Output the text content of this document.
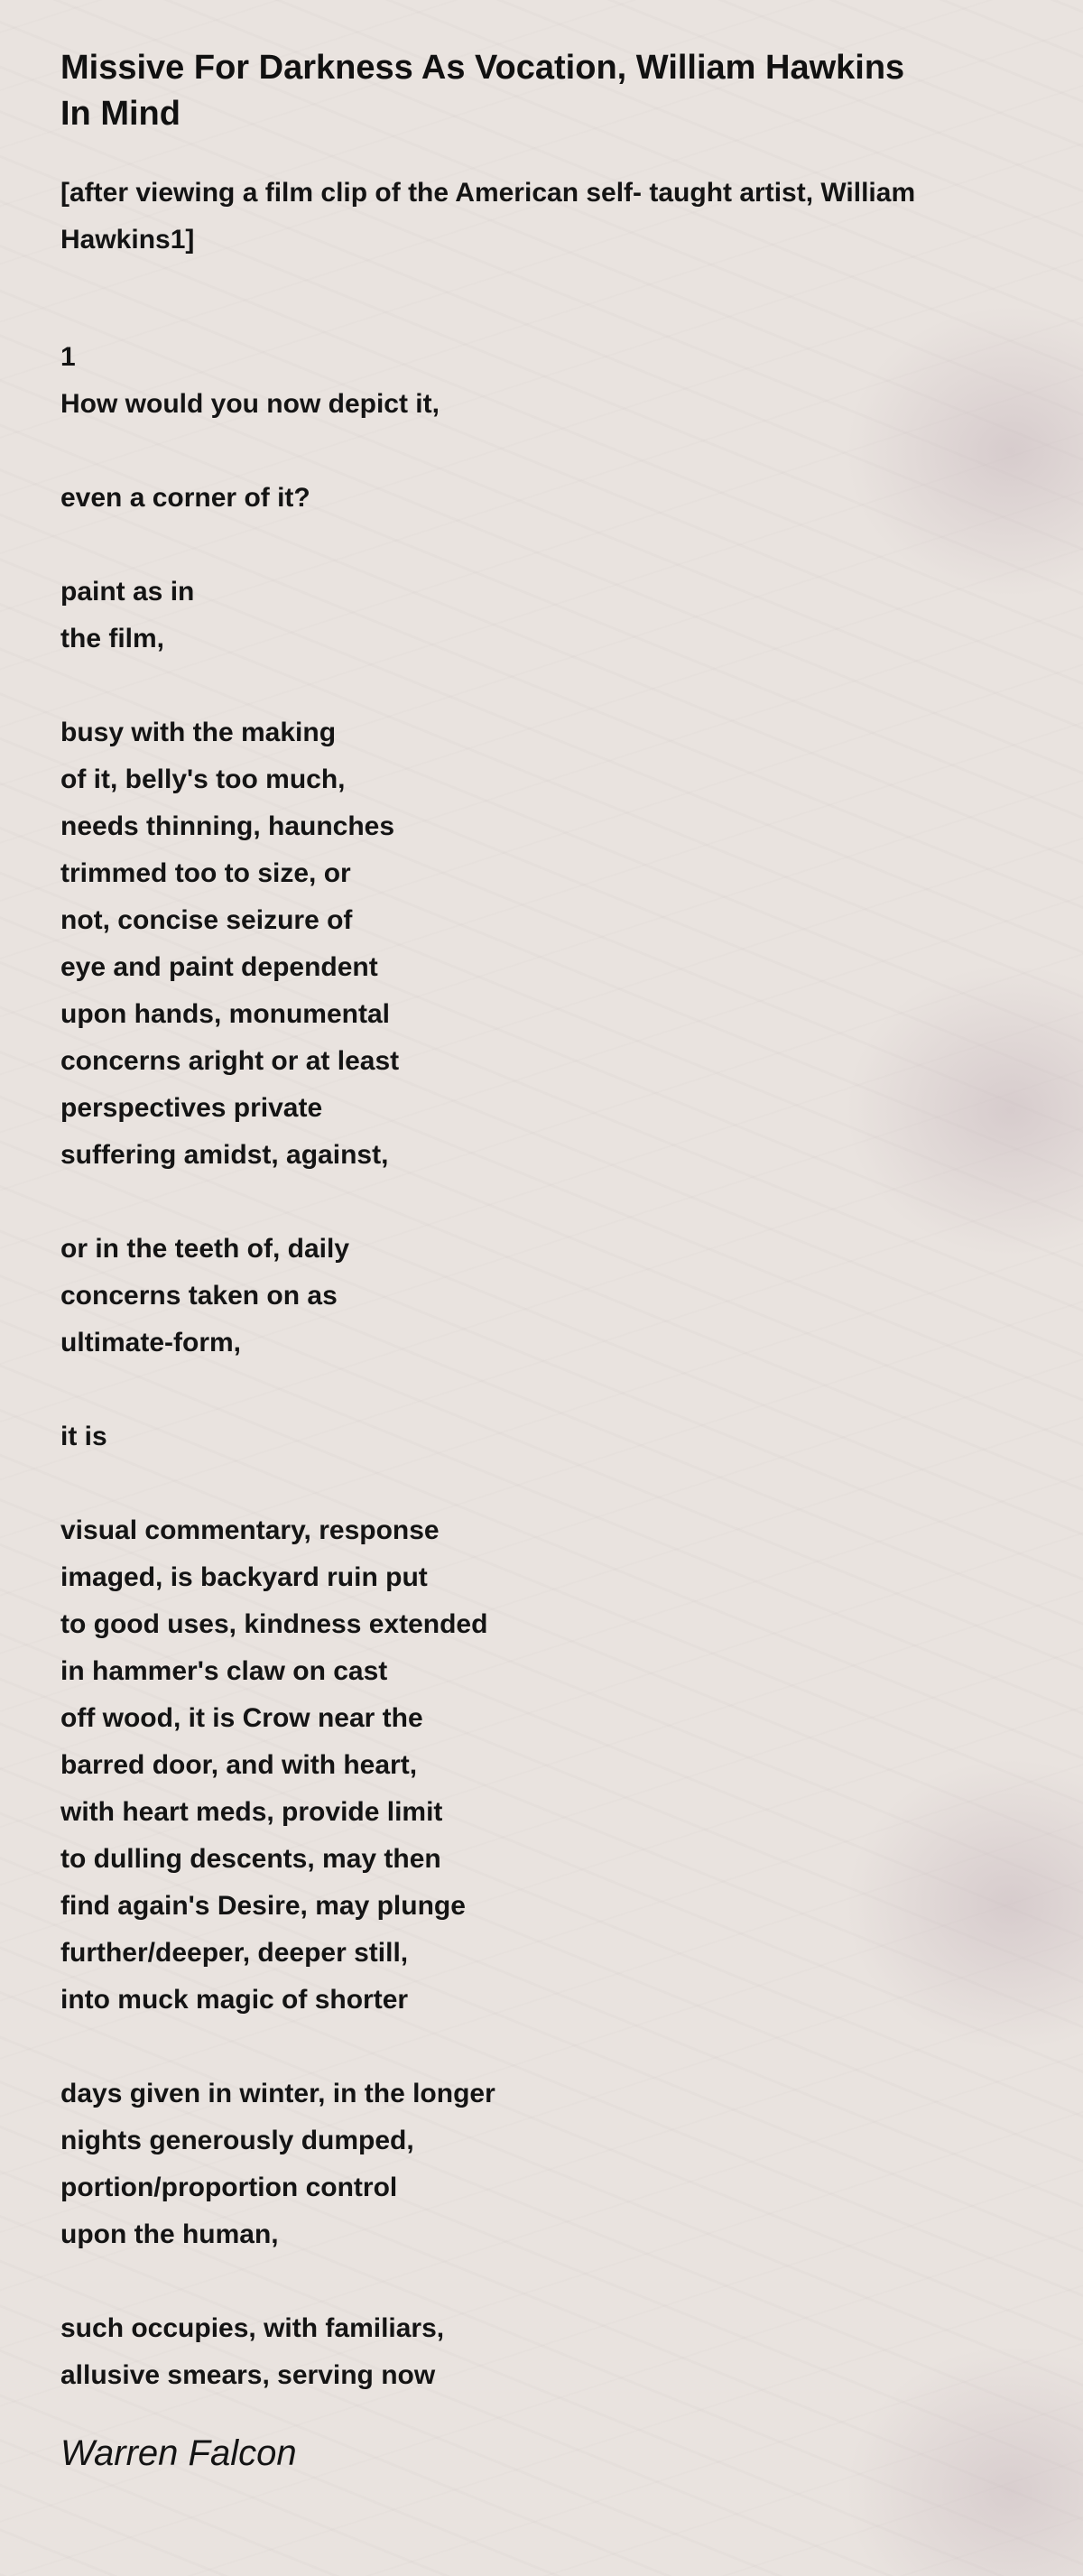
Missive For Darkness As Vocation, William Hawkins In Mind
[after viewing a film clip of the American self- taught artist, William Hawkins1]
1
How would you now depict it,
even a corner of it?
paint as in
the film,
busy with the making
of it, belly's too much,
needs thinning, haunches
trimmed too to size, or
not, concise seizure of
eye and paint dependent
upon hands, monumental
concerns aright or at least
perspectives private
suffering amidst, against,
or in the teeth of, daily
concerns taken on as
ultimate-form,
it is
visual commentary, response
imaged, is backyard ruin put
to good uses, kindness extended
in hammer's claw on cast
off wood, it is Crow near the
barred door, and with heart,
with heart meds, provide limit
to dulling descents, may then
find again's Desire, may plunge
further/deeper, deeper still,
into muck magic of shorter
days given in winter, in the longer
nights generously dumped,
portion/proportion control
upon the human,
such occupies, with familiars,
allusive smears, serving now
Warren Falcon
